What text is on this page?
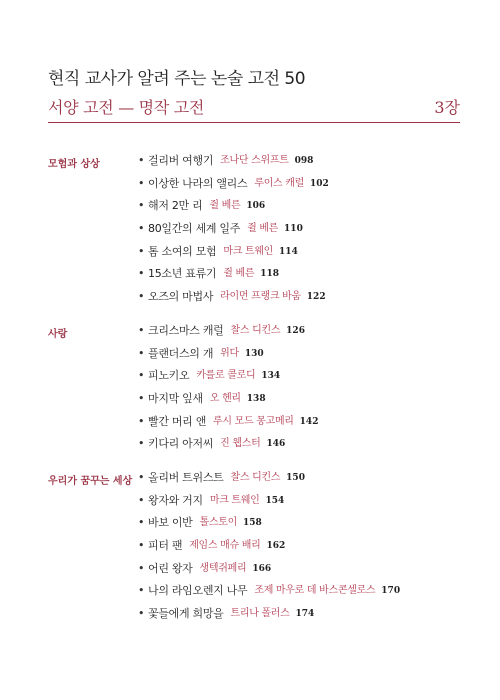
현직 교사가 알려 주는 논술 고전 50
서양 고전 — 명작 고전	3장
모험과 상상	• 걸리버 여행기 조나단 스위프트 098
• 이상한 나라의 앨리스 루이스 캐럴 102
• 해저 2만 리 쥘 베른 106
• 80일간의 세계 일주 쥘 베른 110
• 톰 소여의 모험 마크 트웨인 114
• 15소년 표류기 쥘 베른 118
• 오즈의 마법사 라이먼 프랭크 바움 122
사랑	• 크리스마스 캐럴 찰스 디킨스 126
• 플랜더스의 개 위다 130
• 피노키오 카를로 콜로디 134
• 마지막 잎새 오 헨리 138
• 빨간 머리 앤 루시 모드 몽고메리 142
• 키다리 아저씨 진 웹스터 146
우리가 꿈꾸는 세상 • 올리버 트위스트 찰스 디킨스 150
• 왕자와 거지 마크 트웨인 154
• 바보 이반 톨스토이 158
• 피터 팬 제임스 매슈 배리 162
• 어린 왕자 생텍쥐페리 166
• 나의 라임오렌지 나무 조제 마우로 데 바스콘셀로스 170
• 꽃들에게 희망을 트리나 폴러스 174
